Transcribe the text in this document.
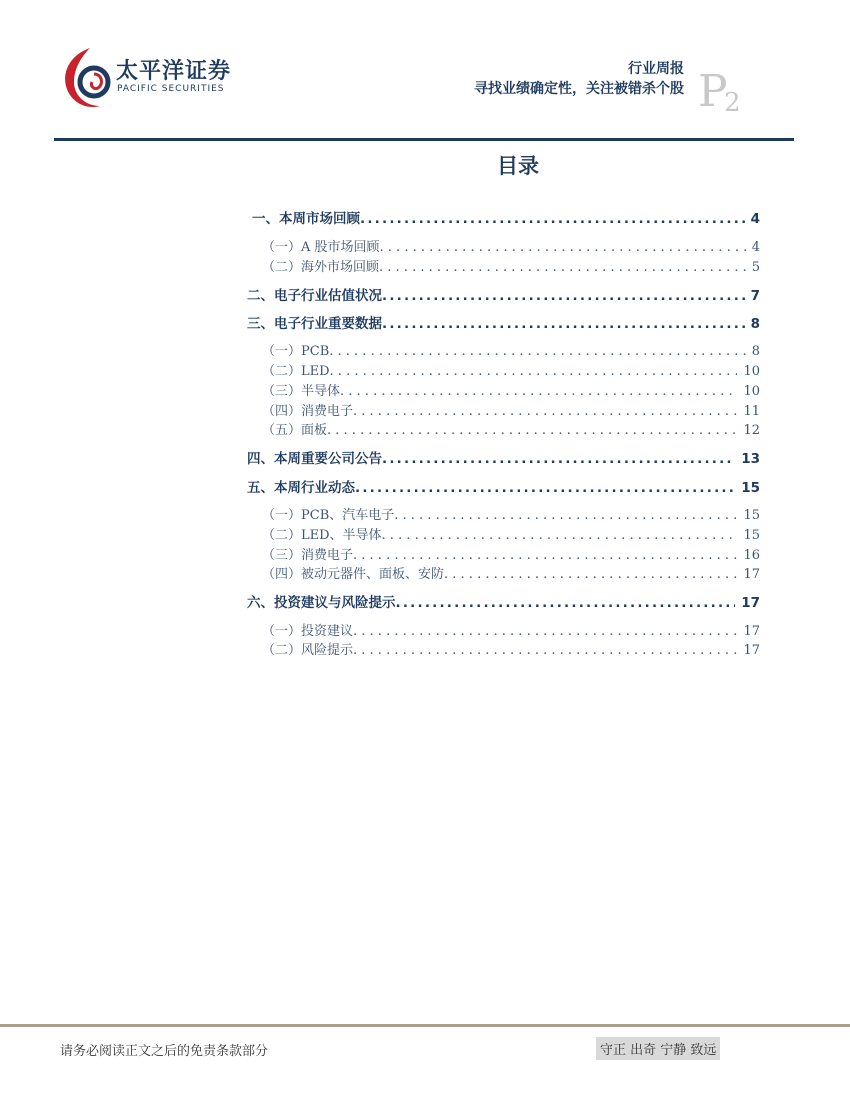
太平洋证券
PACIFIC SECURITIES
行业周报
寻找业绩确定性，关注被错杀个股 P
2
目录
一、本周市场回顾 .....	4
（一）A 股市场回顾 . . .	4
（二）海外市场回顾 . . .	5
二、电子行业估值状况 .....	7
三、电子行业重要数据 .....	8
（一）PCB . . .	8
（二）LED . . .	10
（三）半导体 . . .	10
（四）消费电子 . . .	11
（五）面板 . . .	12
四、本周重要公司公告 .....	13
五、本周行业动态 .....	15
（一）PCB、汽车电子 . . .	15
（二）LED、半导体 . . .	15
（三）消费电子 . . .	16
（四）被动元器件、面板、安防 . . .	17
六、投资建议与风险提示 .....	17
（一）投资建议 . . .	17
（二）风险提示 . . .	17
请务必阅读正文之后的免责条款部分	守正 出奇 宁静 致远
